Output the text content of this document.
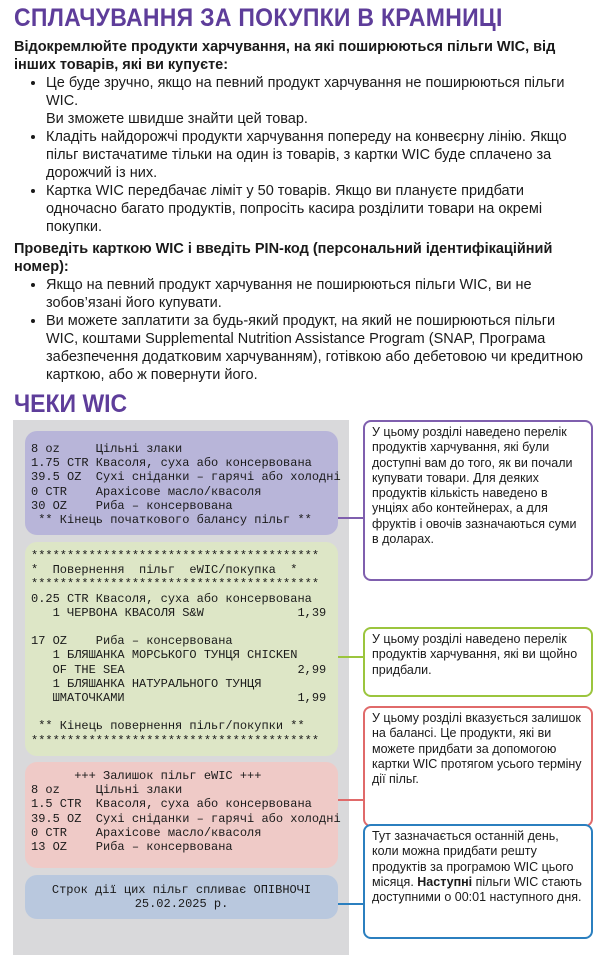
СПЛАЧУВАННЯ ЗА ПОКУПКИ В КРАМНИЦІ
Відокремлюйте продукти харчування, на які поширюються пільги WIC, від інших товарів, які ви купуєте:
• Це буде зручно, якщо на певний продукт харчування не поширюються пільги WIC.
Ви зможете швидше знайти цей товар.
• Кладіть найдорожчі продукти харчування попереду на конвеєрну лінію. Якщо пільг вистачатиме тільки на один із товарів, з картки WIC буде сплачено за дорожчий із них.
• Картка WIC передбачає ліміт у 50 товарів. Якщо ви плануєте придбати одночасно багато продуктів, попросіть касира розділити товари на окремі покупки.
Проведіть карткою WIC і введіть PIN-код (персональний ідентифікаційний номер):
• Якщо на певний продукт харчування не поширюються пільги WIC, ви не зобов’язані його купувати.
• Ви можете заплатити за будь-який продукт, на який не поширюються пільги WIC, коштами Supplemental Nutrition Assistance Program (SNAP, Програма забезпечення додатковим харчуванням), готівкою або дебетовою чи кредитною карткою, або ж повернути його.
ЧЕКИ WIC
8 oz     Цільні злаки
1.75 CTR Квасоля, суха або консервована
39.5 OZ  Сухі сніданки – гарячі або холодні
0 CTR    Арахісове масло/квасоля
30 OZ    Риба – консервована
** Кінець початкового балансу пільг **
****************************************
*  Повернення  пільг  eWIC/покупка  *
****************************************
0.25 CTR Квасоля, суха або консервована
1 ЧЕРВОНА КВАСОЛЯ S&W             1,39

17 OZ    Риба – консервована
1 БЛЯШАНКА МОРСЬКОГО ТУНЦЯ CHICKEN
OF THE SEA                        2,99
1 БЛЯШАНКА НАТУРАЛЬНОГО ТУНЦЯ
ШМАТОЧКАМИ                        1,99

** Кінець повернення пільг/покупки **
****************************************
+++ Залишок пільг eWIC +++
8 oz     Цільні злаки
1.5 CTR  Квасоля, суха або консервована
39.5 OZ  Сухі сніданки – гарячі або холодні
0 CTR    Арахісове масло/квасоля
13 OZ    Риба – консервована
Строк дії цих пільг спливає ОПІВНОЧІ
25.02.2025 р.
У цьому розділі наведено перелік продуктів харчування, які були доступні вам до того, як ви почали купувати товари. Для деяких продуктів кількість наведено в унціях або контейнерах, а для фруктів і овочів зазначаються суми в доларах.
У цьому розділі наведено перелік продуктів харчування, які ви щойно придбали.
У цьому розділі вказується залишок на балансі. Це продукти, які ви можете придбати за допомогою картки WIC протягом усього терміну дії пільг.
Тут зазначається останній день, коли можна придбати решту продуктів за програмою WIC цього місяця. Наступні пільги WIC стають доступними о 00:01 наступного дня.
